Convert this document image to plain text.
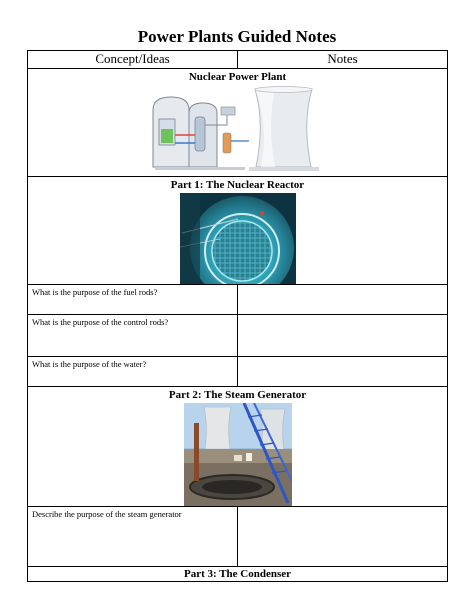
Power Plants Guided Notes
Concept/Ideas	Notes

Nuclear Power Plant	

Part 1: The Nuclear Reactor	

What is the purpose of the fuel rods?	

What is the purpose of the control rods?	

What is the purpose of the water?	

Part 2: The Steam Generator	

Describe the purpose of the steam generator	

Part 3: The Condenser	
